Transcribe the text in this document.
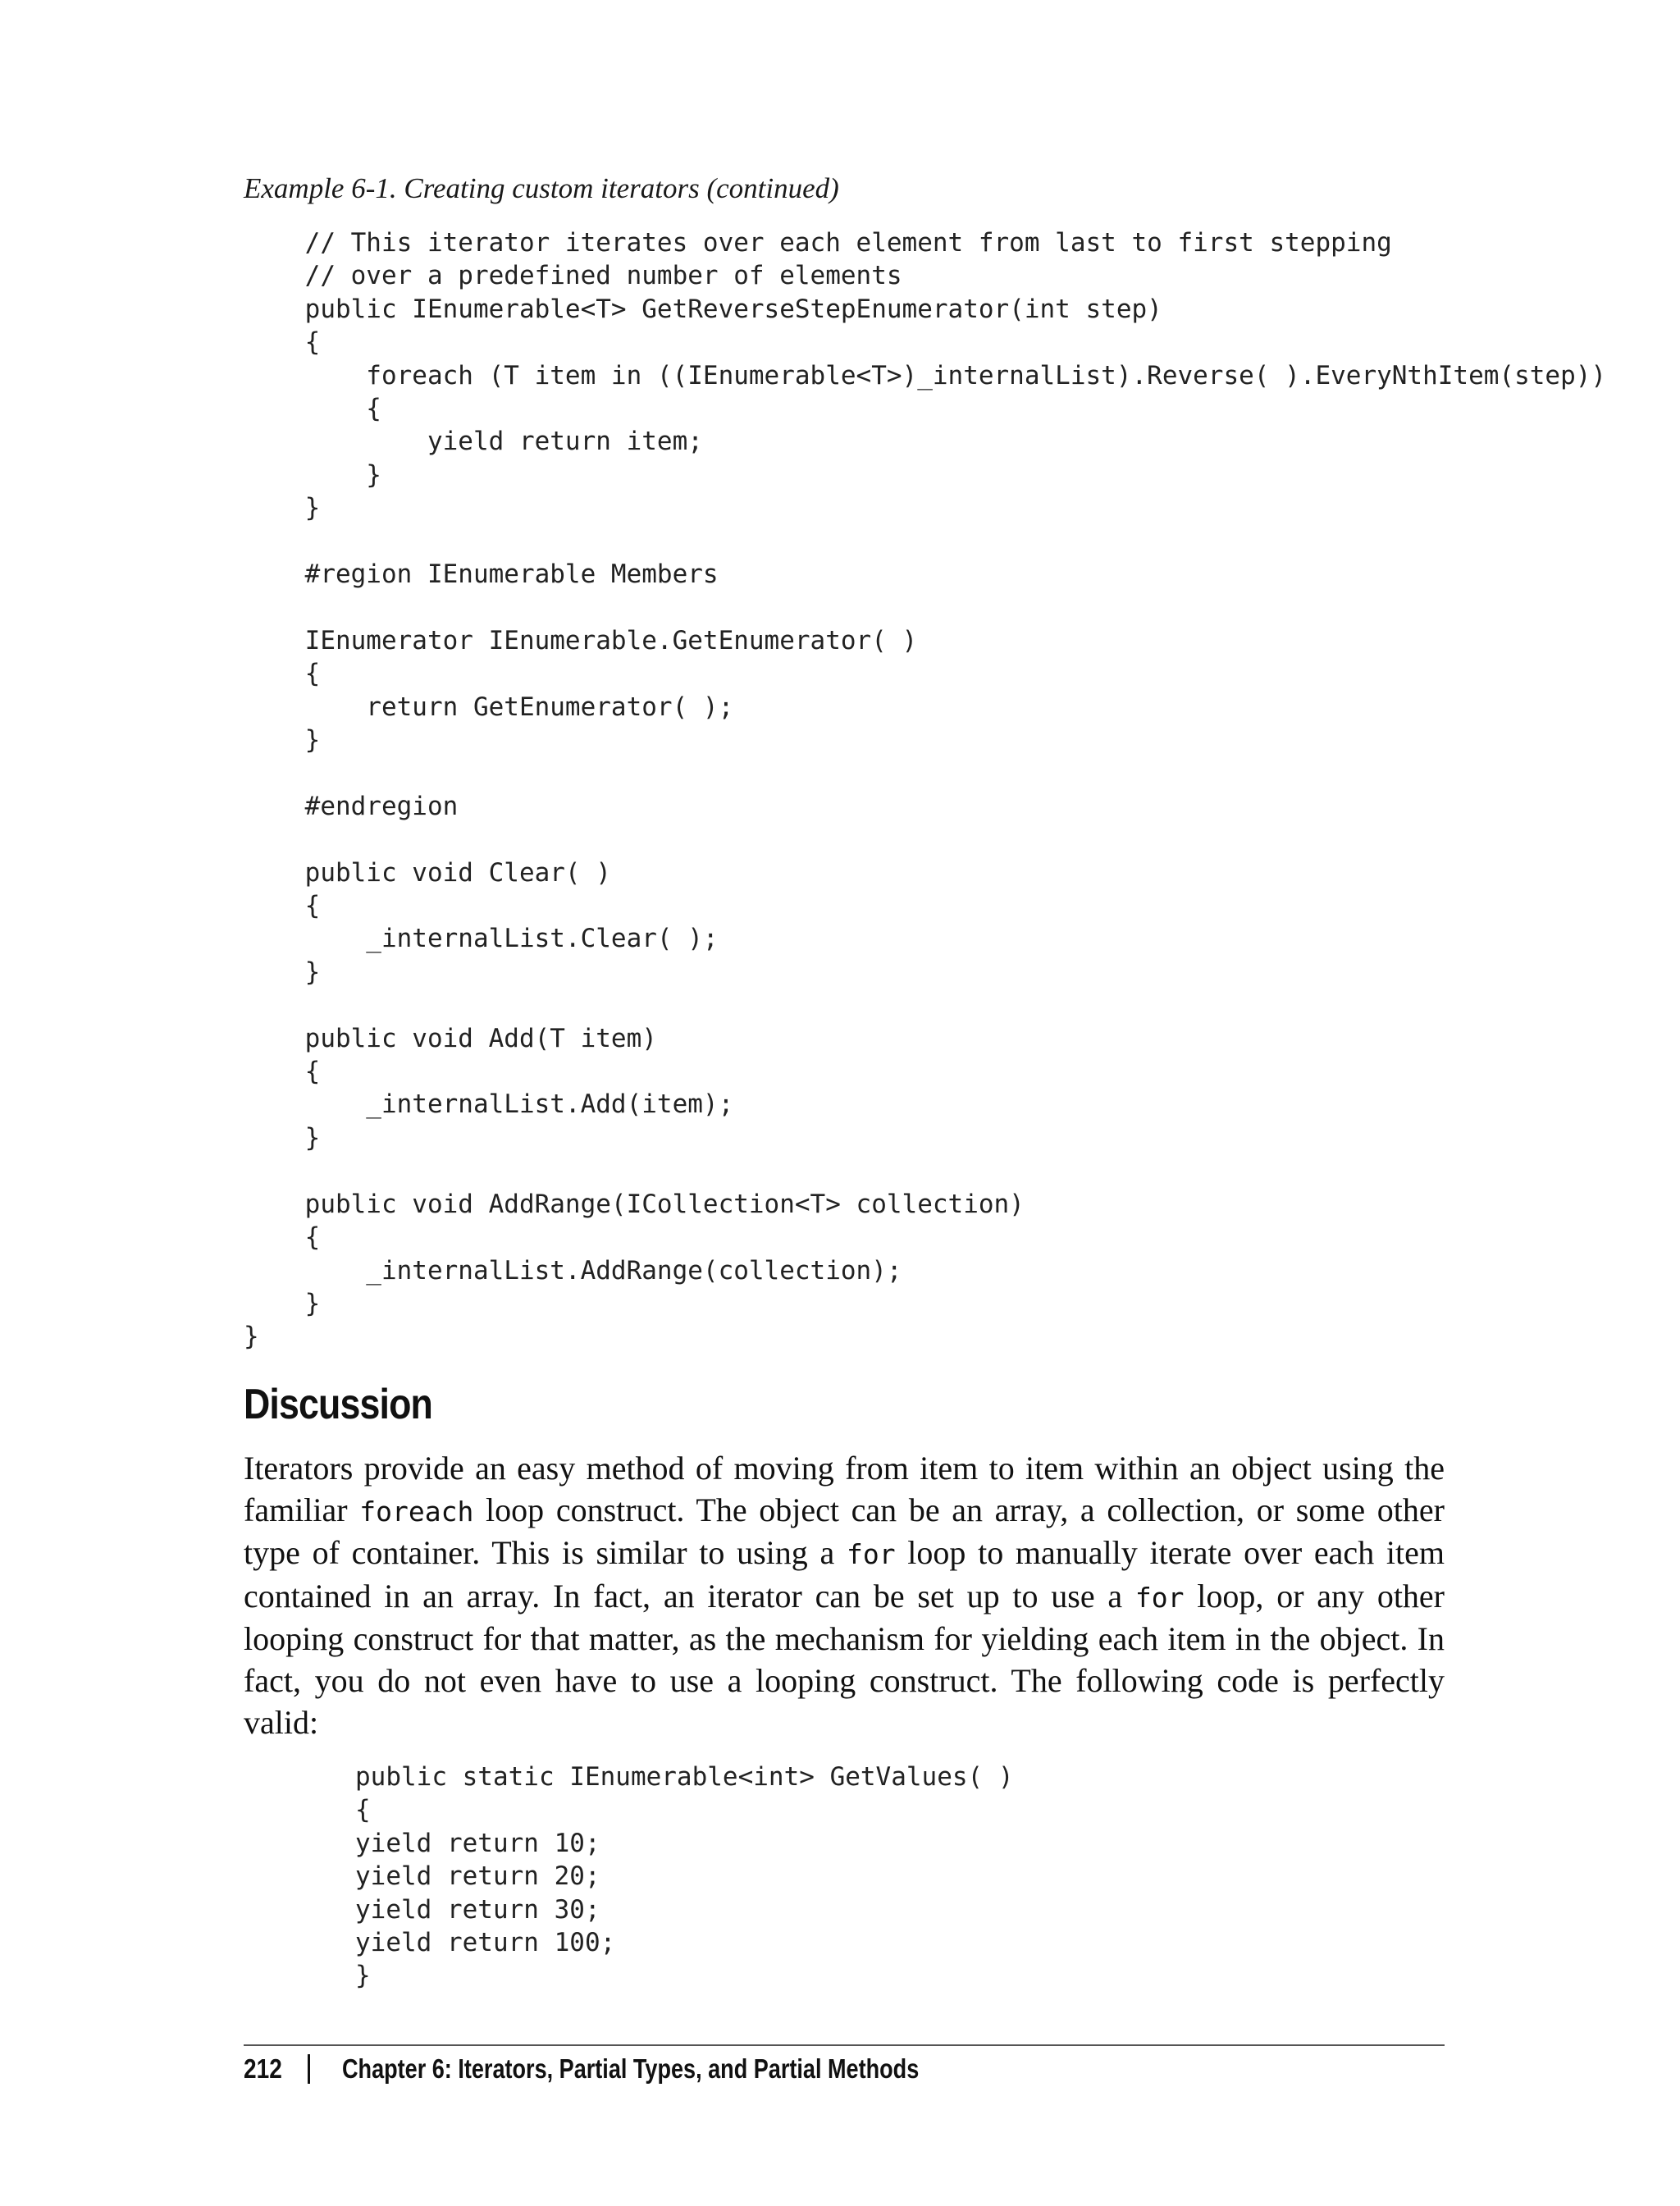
Example 6-1. Creating custom iterators (continued)

// This iterator iterates over each element from last to first stepping
// over a predefined number of elements
public IEnumerable<T> GetReverseStepEnumerator(int step)
{
foreach (T item in ((IEnumerable<T>)_internalList).Reverse( ).EveryNthItem(step))
{
yield return item;
}
}
#region IEnumerable Members
IEnumerator IEnumerable.GetEnumerator( )
{
return GetEnumerator( );
}
#endregion
public void Clear( )
{
_internalList.Clear( );
}
public void Add(T item)
{
_internalList.Add(item);
}
public void AddRange(ICollection<T> collection)
{
_internalList.AddRange(collection);
}
}
Discussion

Iterators provide an easy method of moving from item to item within an object using the familiar foreach loop construct. The object can be an array, a collection, or some other type of container. This is similar to using a for loop to manually iterate over each item contained in an array. In fact, an iterator can be set up to use a for loop, or any other looping construct for that matter, as the mechanism for yielding each item in the object. In fact, you do not even have to use a looping construct. The following code is perfectly valid:

public static IEnumerable<int> GetValues( )
{
yield return 10;
yield return 20;
yield return 30;
yield return 100;
}
212 Chapter 6: Iterators, Partial Types, and Partial Methods
